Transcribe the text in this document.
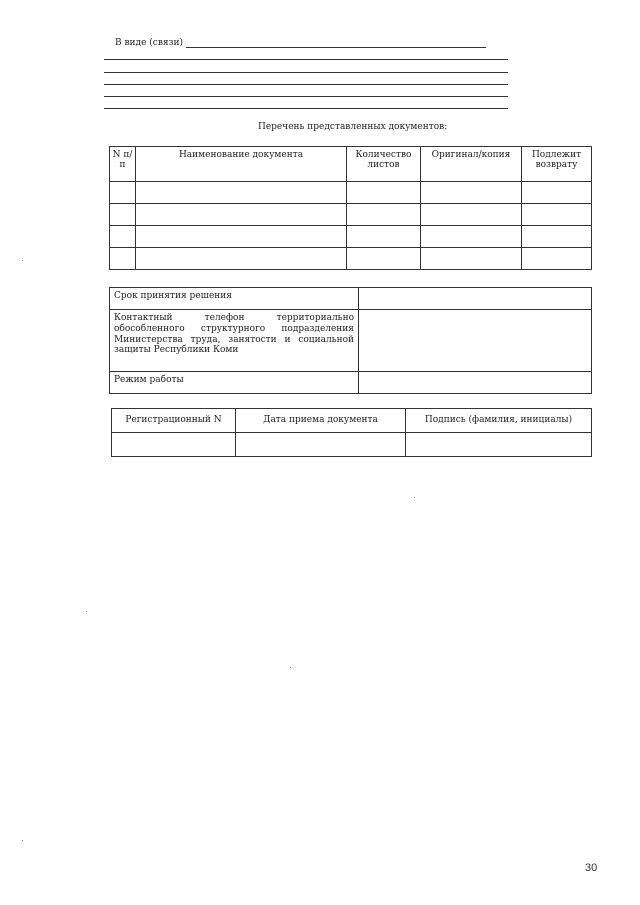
В виде (связи)
Перечень представленных документов:
N п/п	Наименование документа	Количество листов	Оригинал/копия	Подлежит возврату

Срок принятия решения	
Контактный телефон территориально обособленного структурного подразделения Министерства труда, занятости и социальной защиты Республики Коми	
Режим работы	
Регистрационный N	Дата приема документа	Подпись (фамилия, инициалы)

30
